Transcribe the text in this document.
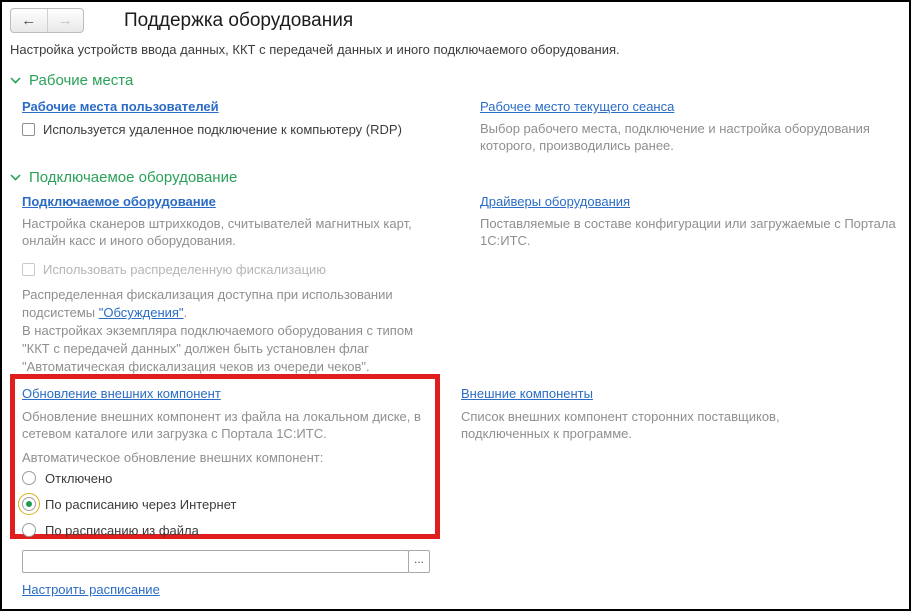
← →	Поддержка оборудования
Настройка устройств ввода данных, ККТ с передачей данных и иного подключаемого оборудования.
Рабочие места
Рабочие места пользователей
Используется удаленное подключение к компьютеру (RDP)
Рабочее место текущего сеанса
Выбор рабочего места, подключение и настройка оборудования которого, производились ранее.
Подключаемое оборудование
Подключаемое оборудование
Настройка сканеров штрихкодов, считывателей магнитных карт, онлайн касс и иного оборудования.
Драйверы оборудования
Поставляемые в составе конфигурации или загружаемые с Портала 1С:ИТС.
Использовать распределенную фискализацию
Распределенная фискализация доступна при использовании
подсистемы "Обсуждения".
В настройках экземпляра подключаемого оборудования с типом
"ККТ с передачей данных" должен быть установлен флаг
"Автоматическая фискализация чеков из очереди чеков".
Обновление внешних компонент
Обновление внешних компонент из файла на локальном диске, в сетевом каталоге или загрузка с Портала 1С:ИТС.
Автоматическое обновление внешних компонент:
Отключено
По расписанию через Интернет
По расписанию из файла
...
Настроить расписание
Внешние компоненты
Список внешних компонент сторонних поставщиков, подключенных к программе.
